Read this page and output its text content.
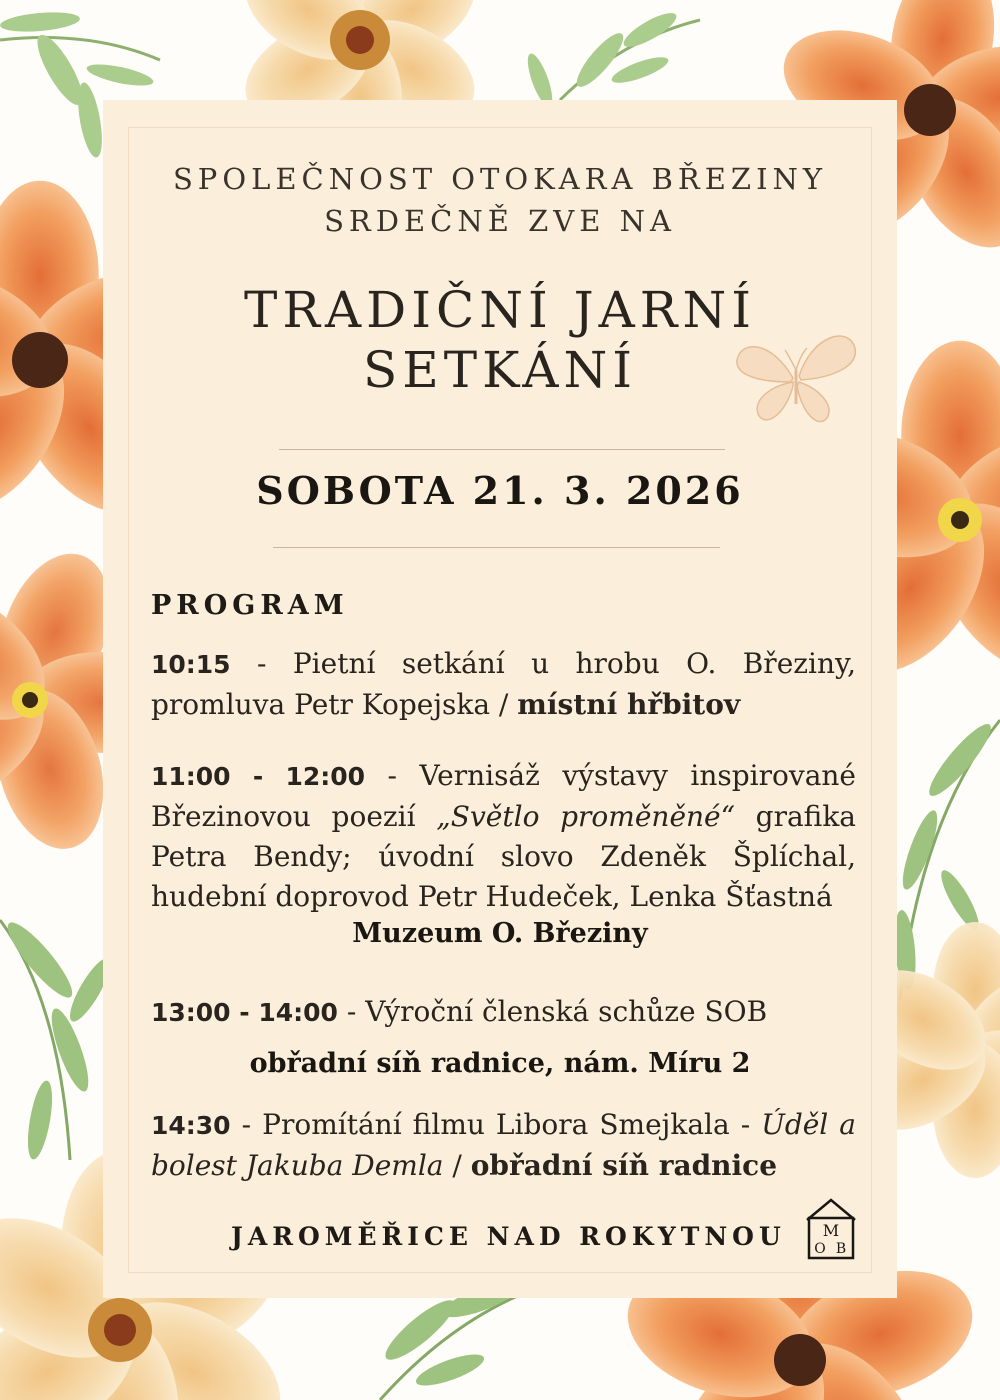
SPOLEČNOST OTOKARA BŘEZINY
SRDEČNĚ ZVE NA
TRADIČNÍ JARNÍ
SETKÁNÍ
SOBOTA 21. 3. 2026
PROGRAM
10:15 - Pietní setkání u hrobu O. Březiny, promluva Petr Kopejska / místní hřbitov
11:00 - 12:00 - Vernisáž výstavy inspirované Březinovou poezií „Světlo proměněné“ grafika Petra Bendy; úvodní slovo Zdeněk Šplíchal, hudební doprovod Petr Hudeček, Lenka Šťastná
Muzeum O. Březiny
13:00 - 14:00 - Výroční členská schůze SOB
obřadní síň radnice, nám. Míru 2
14:30 - Promítání filmu Libora Smejkala - Úděl a bolest Jakuba Demla / obřadní síň radnice
JAROMĚŘICE NAD ROKYTNOU M
O B
